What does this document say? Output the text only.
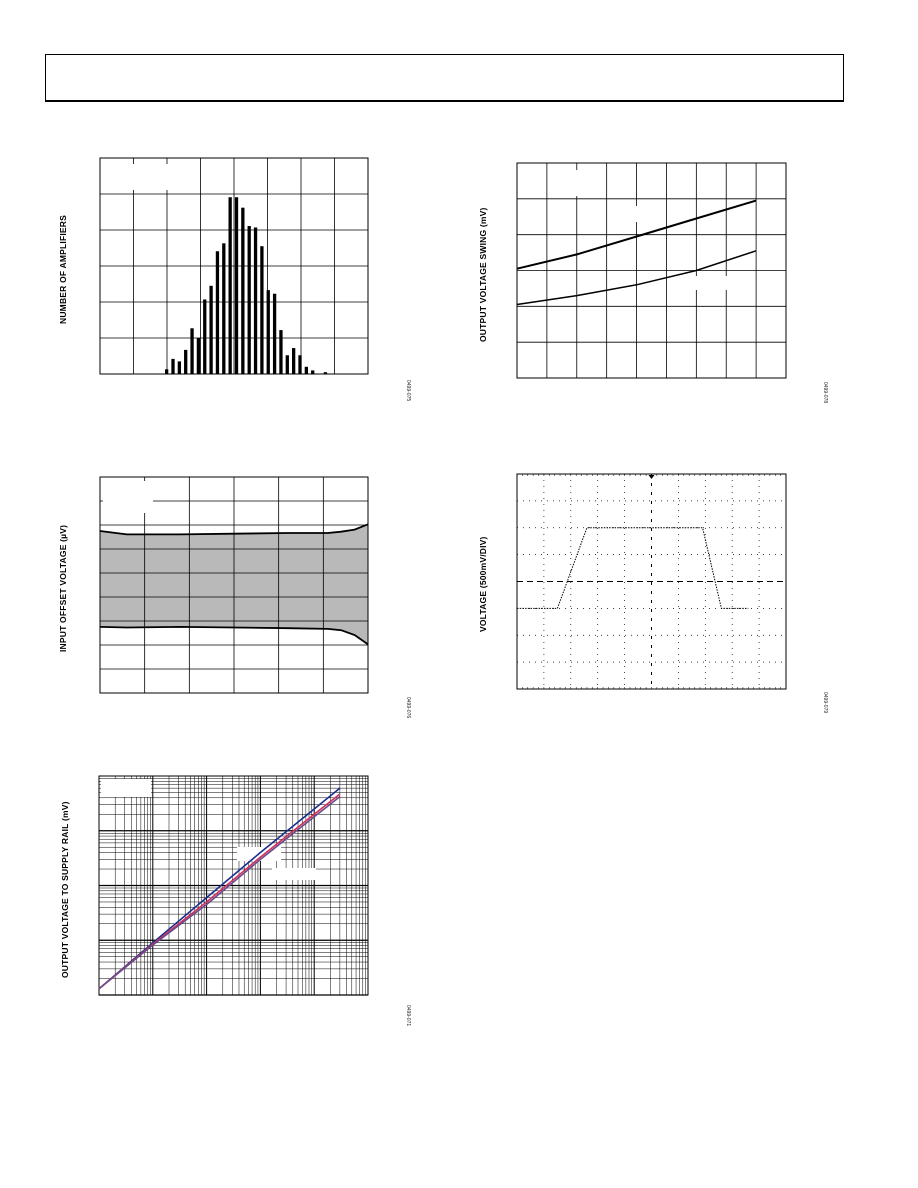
NUMBER OF AMPLIFIERS
0499-075
OUTPUT VOLTAGE SWING (mV)
0499-078
INPUT OFFSET VOLTAGE (µV)
0499-076
VOLTAGE (500mV/DIV)
0499-079
OUTPUT VOLTAGE TO SUPPLY RAIL (mV)
0499-071
